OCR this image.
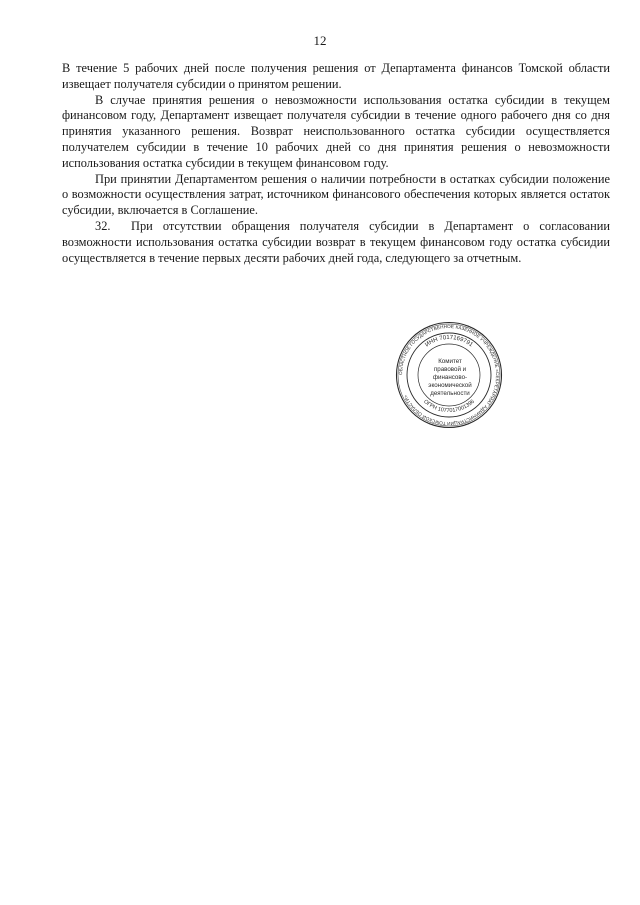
12

В течение 5 рабочих дней после получения решения от Департамента финансов Томской области извещает получателя субсидии о принятом решении.

В случае принятия решения о невозможности использования остатка субсидии в текущем финансовом году, Департамент извещает получателя субсидии в течение одного рабочего дня со дня принятия указанного решения. Возврат неиспользованного остатка субсидии осуществляется получателем субсидии в течение 10 рабочих дней со дня принятия решения о невозможности использования остатка субсидии в текущем финансовом году.

При принятии Департаментом решения о наличии потребности в остатках субсидии положение о возможности осуществления затрат, источником финансового обеспечения которых является остаток субсидии, включается в Соглашение.

32. При отсутствии обращения получателя субсидии в Департамент о согласовании возможности использования остатка субсидии возврат в текущем финансовом году остатка субсидии осуществляется в течение первых десяти рабочих дней года, следующего за отчетным.

ОБЛАСТНОЕ ГОСУДАРСТВЕННОЕ КАЗЁННОЕ УЧРЕЖДЕНИЕ «СЕКРЕТАРИАТ АДМИНИСТРАЦИИ ТОМСКОЙ ОБЛАСТИ»
ИНН 7017169791
ОГРН 1077017001396
Комитет
правовой и
финансово-
экономической
деятельности
